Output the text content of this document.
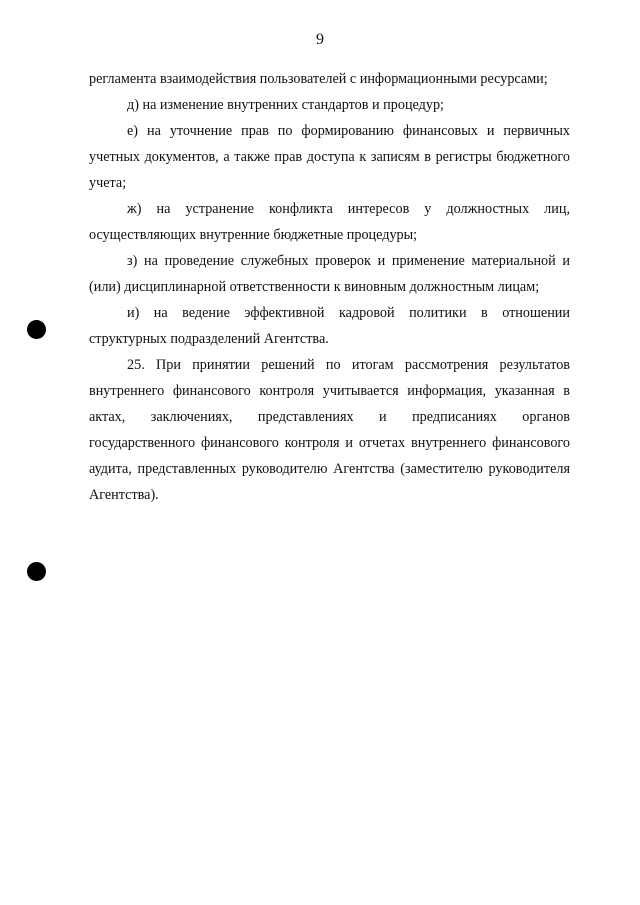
9

регламента взаимодействия пользователей с информационными ресурсами;

д) на изменение внутренних стандартов и процедур;

е) на уточнение прав по формированию финансовых и первичных учетных документов, а также прав доступа к записям в регистры бюджетного учета;

ж) на устранение конфликта интересов у должностных лиц, осуществляющих внутренние бюджетные процедуры;

з) на проведение служебных проверок и применение материальной и (или) дисциплинарной ответственности к виновным должностным лицам;

и) на ведение эффективной кадровой политики в отношении структурных подразделений Агентства.

25. При принятии решений по итогам рассмотрения результатов внутреннего финансового контроля учитывается информация, указанная в актах, заключениях, представлениях и предписаниях органов государственного финансового контроля и отчетах внутреннего финансового аудита, представленных руководителю Агентства (заместителю руководителя Агентства).
